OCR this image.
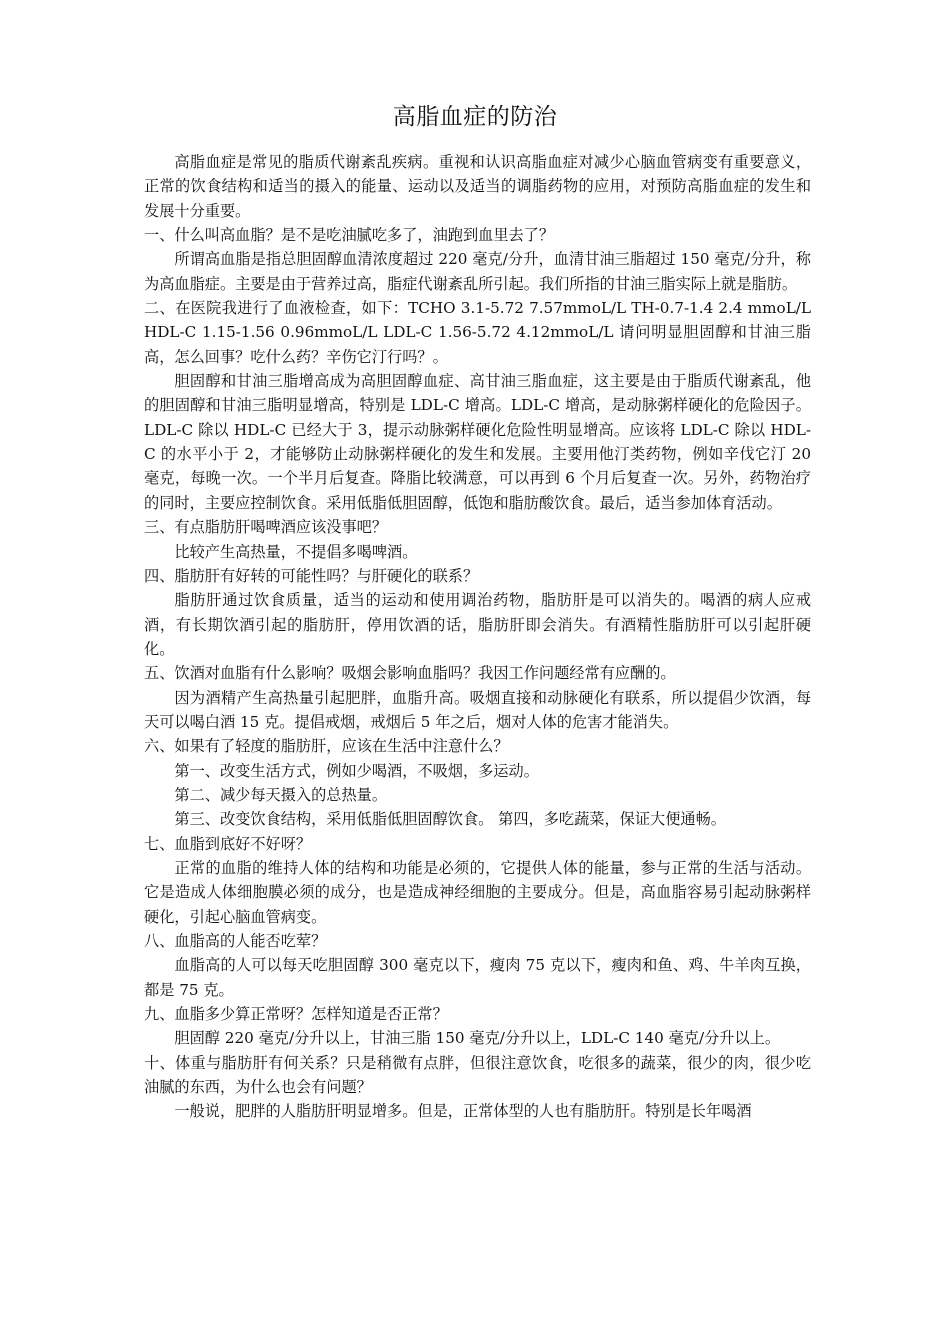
高脂血症的防治
高脂血症是常见的脂质代谢紊乱疾病。重视和认识高脂血症对减少心脑血管病变有重要意义，正常的饮食结构和适当的摄入的能量、运动以及适当的调脂药物的应用，对预防高脂血症的发生和发展十分重要。
一、什么叫高血脂？是不是吃油腻吃多了，油跑到血里去了？
所谓高血脂是指总胆固醇血清浓度超过 220 毫克/分升，血清甘油三脂超过 150 毫克/分升，称为高血脂症。主要是由于营养过高，脂症代谢紊乱所引起。我们所指的甘油三脂实际上就是脂肪。
二、在医院我进行了血液检查，如下：TCHO 3.1-5.72 7.57mmoL/L TH-0.7-1.4 2.4 mmoL/L HDL-C 1.15-1.56 0.96mmoL/L LDL-C 1.56-5.72 4.12mmoL/L 请问明显胆固醇和甘油三脂高，怎么回事？吃什么药？辛伤它汀行吗？。
胆固醇和甘油三脂增高成为高胆固醇血症、高甘油三脂血症，这主要是由于脂质代谢紊乱，他的胆固醇和甘油三脂明显增高，特别是 LDL-C 增高。LDL-C 增高，是动脉粥样硬化的危险因子。LDL-C 除以 HDL-C 已经大于 3，提示动脉粥样硬化危险性明显增高。应该将 LDL-C 除以 HDL-C 的水平小于 2，才能够防止动脉粥样硬化的发生和发展。主要用他汀类药物，例如辛伐它汀 20 毫克，每晚一次。一个半月后复查。降脂比较满意，可以再到 6 个月后复查一次。另外，药物治疗的同时，主要应控制饮食。采用低脂低胆固醇，低饱和脂肪酸饮食。最后，适当参加体育活动。
三、有点脂肪肝喝啤酒应该没事吧？
比较产生高热量，不提倡多喝啤酒。
四、脂肪肝有好转的可能性吗？与肝硬化的联系？
脂肪肝通过饮食质量，适当的运动和使用调治药物，脂肪肝是可以消失的。喝酒的病人应戒酒，有长期饮酒引起的脂肪肝，停用饮酒的话，脂肪肝即会消失。有酒精性脂肪肝可以引起肝硬化。
五、饮酒对血脂有什么影响？吸烟会影响血脂吗？我因工作问题经常有应酬的。
因为酒精产生高热量引起肥胖，血脂升高。吸烟直接和动脉硬化有联系，所以提倡少饮酒，每天可以喝白酒 15 克。提倡戒烟，戒烟后 5 年之后，烟对人体的危害才能消失。
六、如果有了轻度的脂肪肝，应该在生活中注意什么？
第一、改变生活方式，例如少喝酒，不吸烟，多运动。
第二、减少每天摄入的总热量。
第三、改变饮食结构，采用低脂低胆固醇饮食。 第四，多吃蔬菜，保证大便通畅。
七、血脂到底好不好呀？
正常的血脂的维持人体的结构和功能是必须的，它提供人体的能量，参与正常的生活与活动。它是造成人体细胞膜必须的成分，也是造成神经细胞的主要成分。但是，高血脂容易引起动脉粥样硬化，引起心脑血管病变。
八、血脂高的人能否吃荤？
血脂高的人可以每天吃胆固醇 300 毫克以下，瘦肉 75 克以下，瘦肉和鱼、鸡、牛羊肉互换，都是 75 克。
九、血脂多少算正常呀？怎样知道是否正常？
胆固醇 220 毫克/分升以上，甘油三脂 150 毫克/分升以上，LDL-C 140 毫克/分升以上。
十、体重与脂肪肝有何关系？只是稍微有点胖，但很注意饮食，吃很多的蔬菜，很少的肉，很少吃油腻的东西，为什么也会有问题？
一般说，肥胖的人脂肪肝明显增多。但是，正常体型的人也有脂肪肝。特别是长年喝酒
